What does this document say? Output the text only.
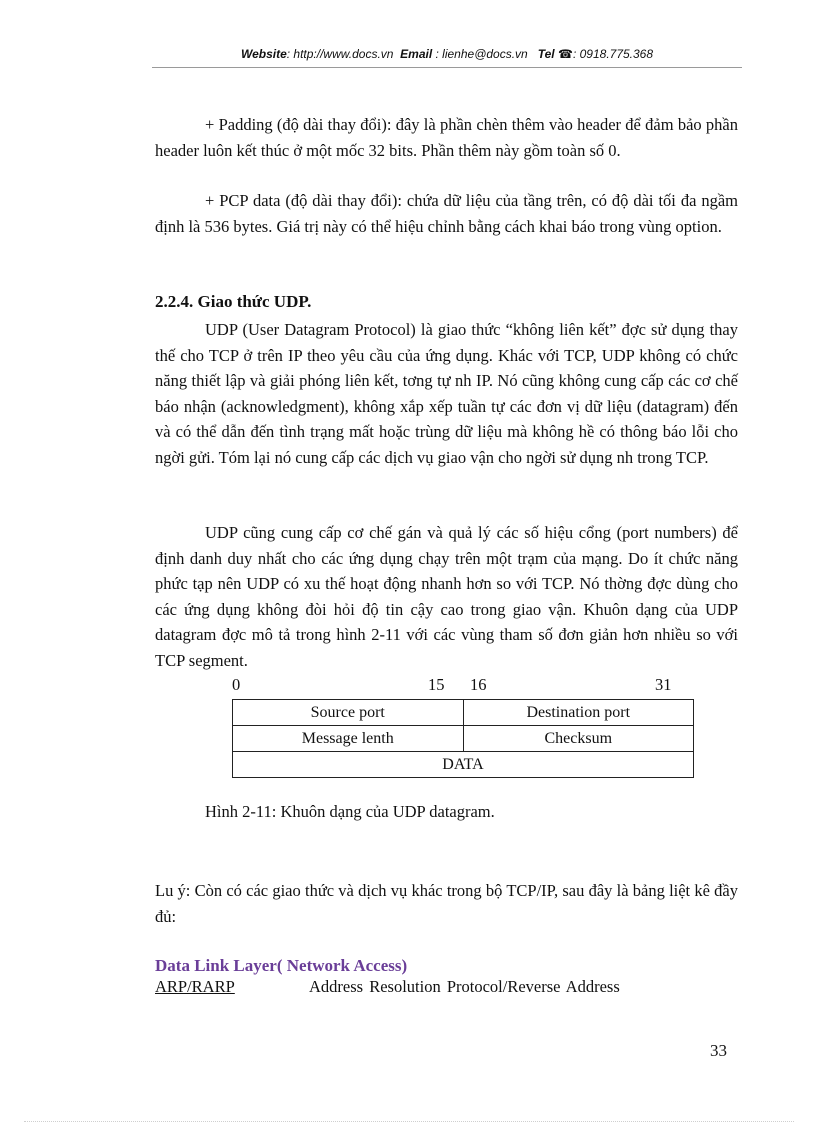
Website: http://www.docs.vn Email : lienhe@docs.vn Tel ☎: 0918.775.368

+ Padding (độ dài thay đổi): đây là phần chèn thêm vào header để đảm bảo phần header luôn kết thúc ở một mốc 32 bits. Phần thêm này gồm toàn số 0.

+ PCP data (độ dài thay đổi): chứa dữ liệu của tầng trên, có độ dài tối đa ngầm định là 536 bytes. Giá trị này có thể hiệu chỉnh bằng cách khai báo trong vùng option.

2.2.4. Giao thức UDP.

UDP (User Datagram Protocol) là giao thức “không liên kết” đợc sử dụng thay thế cho TCP ở trên IP theo yêu cầu của ứng dụng. Khác với TCP, UDP không có chức năng thiết lập và giải phóng liên kết, tơng tự nh IP. Nó cũng không cung cấp các cơ chế báo nhận (acknowledgment), không xắp xếp tuần tự các đơn vị dữ liệu (datagram) đến và có thể dẫn đến tình trạng mất hoặc trùng dữ liệu mà không hề có thông báo lỗi cho ngời gửi. Tóm lại nó cung cấp các dịch vụ giao vận cho ngời sử dụng nh trong TCP.

UDP cũng cung cấp cơ chế gán và quả lý các số hiệu cổng (port numbers) để định danh duy nhất cho các ứng dụng chạy trên một trạm của mạng. Do ít chức năng phức tạp nên UDP có xu thế hoạt động nhanh hơn so với TCP. Nó thờng đợc dùng cho các ứng dụng không đòi hỏi độ tin cậy cao trong giao vận. Khuôn dạng của UDP datagram đợc mô tả trong hình 2-11 với các vùng tham số đơn giản hơn nhiều so với TCP segment.

0	15 16	31
Source port	Destination port
Message lenth	Checksum
DATA	
Hình 2-11: Khuôn dạng của UDP datagram.

Lu ý: Còn có các giao thức và dịch vụ khác trong bộ TCP/IP, sau đây là bảng liệt kê đầy đủ:

Data Link Layer( Network Access)
ARP/RARP	Address Resolution Protocol/Reverse Address
33
